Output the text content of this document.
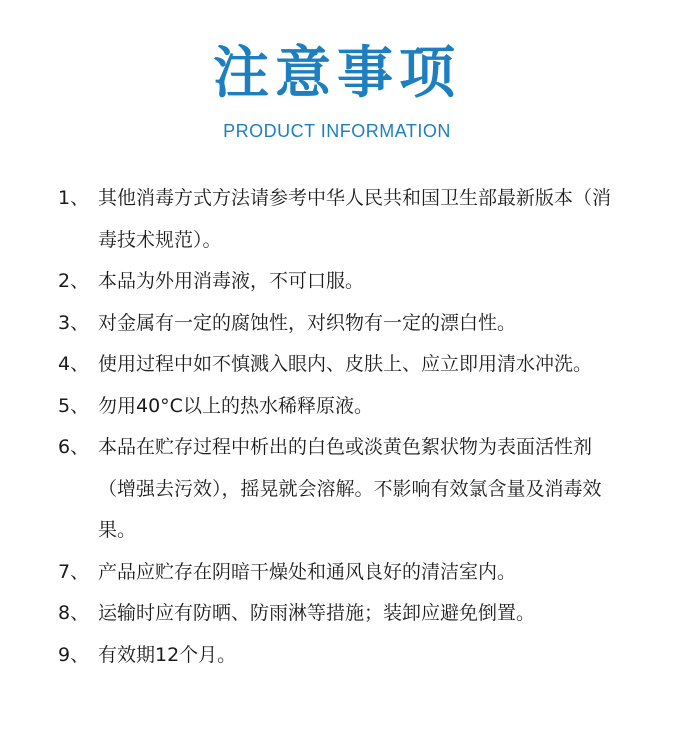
注意事项
PRODUCT INFORMATION
1、 其他消毒方式方法请参考中华人民共和国卫生部最新版本（消毒技术规范）。
2、 本品为外用消毒液，不可口服。
3、 对金属有一定的腐蚀性，对织物有一定的漂白性。
4、 使用过程中如不慎溅入眼内、皮肤上、应立即用清水冲洗。
5、 勿用40°C以上的热水稀释原液。
6、 本品在贮存过程中析出的白色或淡黄色絮状物为表面活性剂（增强去污效），摇晃就会溶解。不影响有效氯含量及消毒效果。
7、 产品应贮存在阴暗干燥处和通风良好的清洁室内。
8、 运输时应有防晒、防雨淋等措施；装卸应避免倒置。
9、 有效期12个月。
